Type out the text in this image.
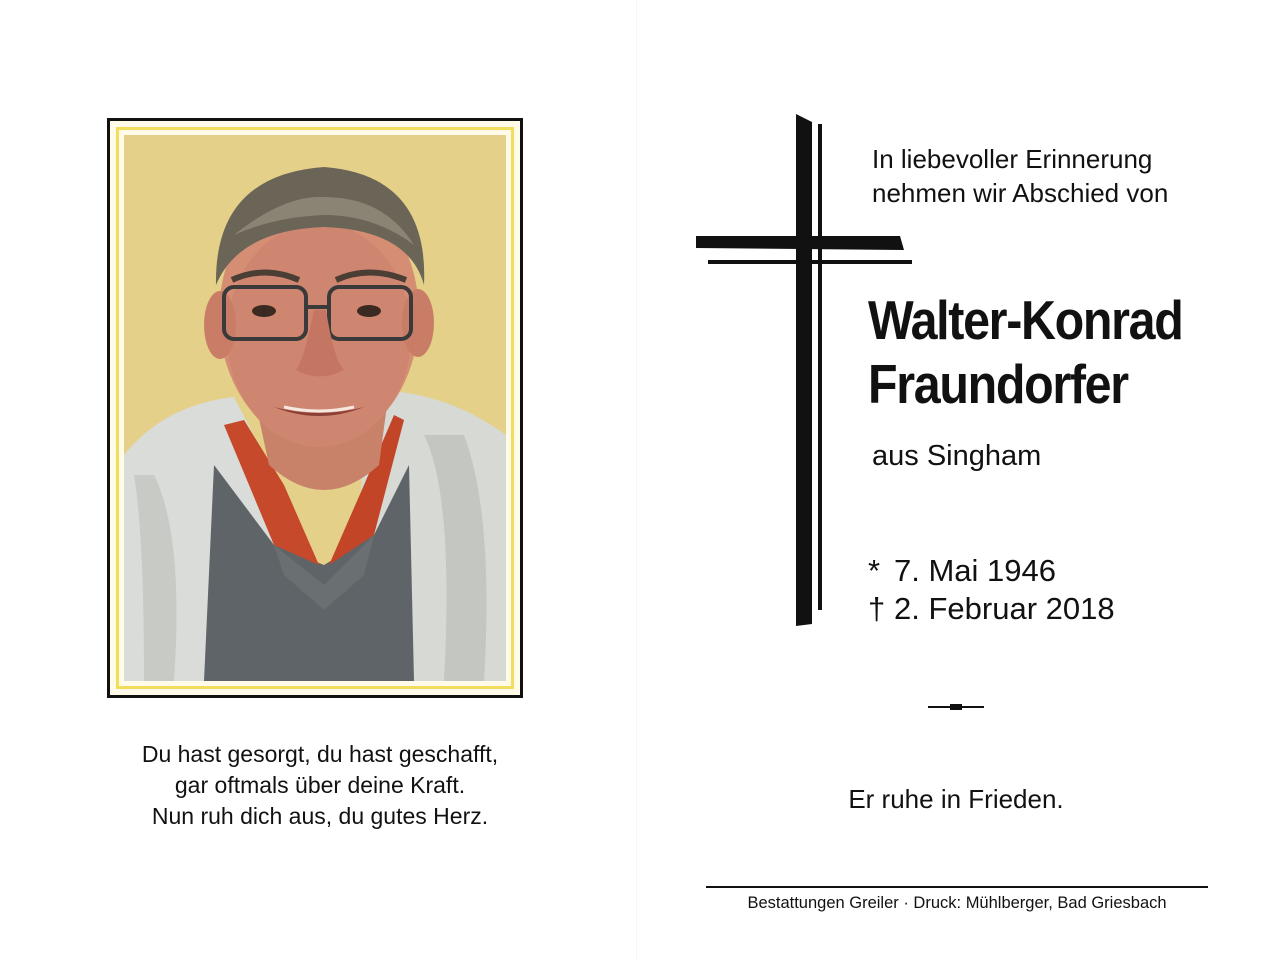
Du hast gesorgt, du hast geschafft,
gar oftmals über deine Kraft.
Nun ruh dich aus, du gutes Herz.
In liebevoller Erinnerung
nehmen wir Abschied von
Walter-Konrad
Fraundorfer
aus Singham
* 7. Mai 1946
† 2. Februar 2018
Er ruhe in Frieden.
Bestattungen Greiler · Druck: Mühlberger, Bad Griesbach
